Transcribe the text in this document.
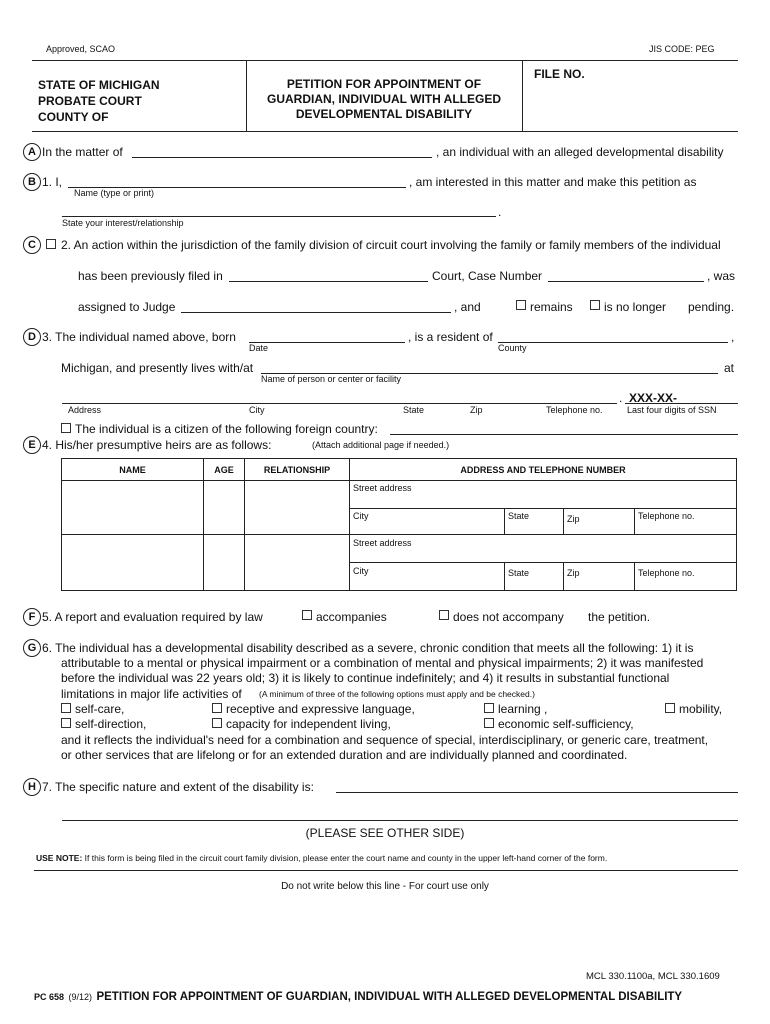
Approved, SCAO	JIS CODE: PEG
STATE OF MICHIGAN
PROBATE COURT
COUNTY OF
PETITION FOR APPOINTMENT OF
GUARDIAN, INDIVIDUAL WITH ALLEGED
DEVELOPMENTAL DISABILITY
FILE NO.
A In the matter of	, an individual with an alleged developmental disability
B 1. I,	, am interested in this matter and make this petition as
Name (type or print)
.
State your interest/relationship
C	2. An action within the jurisdiction of the family division of circuit court involving the family or family members of the individual
has been previously filed in	Court, Case Number	, was
assigned to Judge	, and	remains	is no longer pending.
D 3. The individual named above, born	, is a resident of	,
Date	County
Michigan, and presently lives with/at	at
Name of person or center or facility
. XXX-XX-
Address	City	State	Zip	Telephone no.	Last four digits of SSN
The individual is a citizen of the following foreign country:
E 4. His/her presumptive heirs are as follows:	(Attach additional page if needed.)
NAME	AGE	RELATIONSHIP	ADDRESS AND TELEPHONE NUMBER			
			Street address			
			City	State	Zip	Telephone no.
			Street address			
			City	State	Zip	Telephone no.
F 5. A report and evaluation required by law	accompanies	does not accompany the petition.
G 6. The individual has a developmental disability described as a severe, chronic condition that meets all the following: 1) it is
attributable to a mental or physical impairment or a combination of mental and physical impairments; 2) it was manifested
before the individual was 22 years old; 3) it is likely to continue indefinitely; and 4) it results in substantial functional
limitations in major life activities of (A minimum of three of the following options must apply and be checked.)
self-care,	receptive and expressive language,	learning ,	mobility,
self-direction,	capacity for independent living,	economic self-sufficiency,
and it reflects the individual's need for a combination and sequence of special, interdisciplinary, or generic care, treatment,
or other services that are lifelong or for an extended duration and are individually planned and coordinated.
H 7. The specific nature and extent of the disability is:
(PLEASE SEE OTHER SIDE)
USE NOTE: If this form is being filed in the circuit court family division, please enter the court name and county in the upper left-hand corner of the form.
Do not write below this line - For court use only
MCL 330.1100a, MCL 330.1609
PC 658 (9/12) PETITION FOR APPOINTMENT OF GUARDIAN, INDIVIDUAL WITH ALLEGED DEVELOPMENTAL DISABILITY
